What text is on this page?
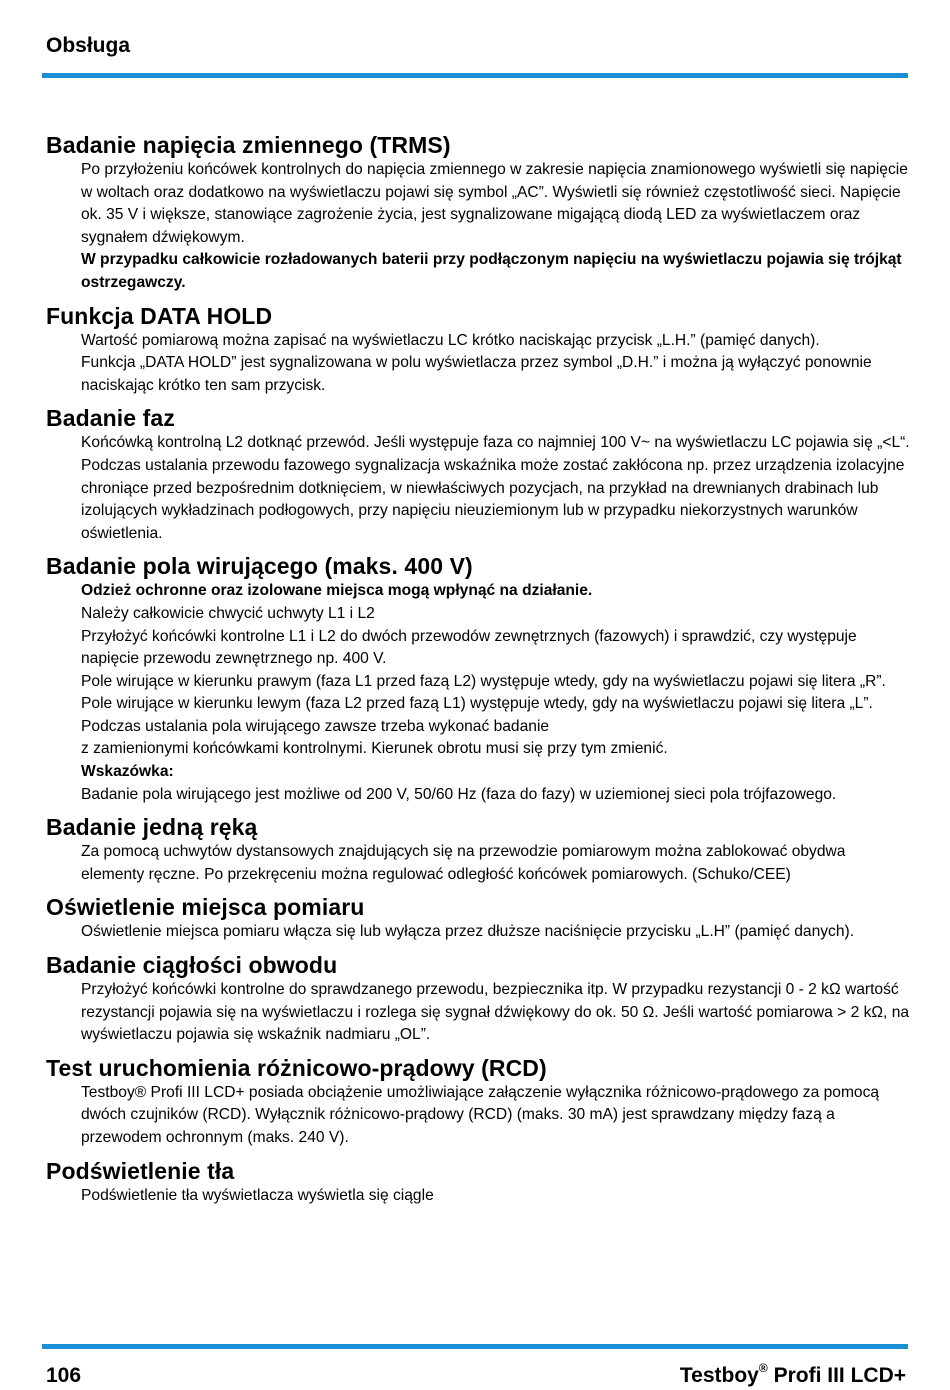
Obsługa
Badanie napięcia zmiennego (TRMS)
Po przyłożeniu końcówek kontrolnych do napięcia zmiennego w zakresie napięcia znamionowego wyświetli się napięcie w woltach oraz dodatkowo na wyświetlaczu pojawi się symbol „AC”. Wyświetli się również częstotliwość sieci. Napięcie ok. 35 V i większe, stanowiące zagrożenie życia, jest sygnalizowane migającą diodą LED za wyświetlaczem oraz sygnałem dźwiękowym.
W przypadku całkowicie rozładowanych baterii przy podłączonym napięciu na wyświetlaczu pojawia się trójkąt ostrzegawczy.
Funkcja DATA HOLD
Wartość pomiarową można zapisać na wyświetlaczu LC krótko naciskając przycisk „L.H.” (pamięć danych).
Funkcja „DATA HOLD” jest sygnalizowana w polu wyświetlacza przez symbol „D.H.” i można ją wyłączyć ponownie naciskając krótko ten sam przycisk.
Badanie faz
Końcówką kontrolną L2 dotknąć przewód. Jeśli występuje faza co najmniej 100 V~ na wyświetlaczu LC pojawia się „<L“.
Podczas ustalania przewodu fazowego sygnalizacja wskaźnika może zostać zakłócona np. przez urządzenia izolacyjne chroniące przed bezpośrednim dotknięciem, w niewłaściwych pozycjach, na przykład na drewnianych drabinach lub izolujących wykładzinach podłogowych, przy napięciu nieuziemionym lub w przypadku niekorzystnych warunków oświetlenia.
Badanie pola wirującego (maks. 400 V)
Odzież ochronne oraz izolowane miejsca mogą wpłynąć na działanie.
Należy całkowicie chwycić uchwyty L1 i L2
Przyłożyć końcówki kontrolne L1 i L2 do dwóch przewodów zewnętrznych (fazowych) i sprawdzić, czy występuje napięcie przewodu zewnętrznego np. 400 V.
Pole wirujące w kierunku prawym (faza L1 przed fazą L2) występuje wtedy, gdy na wyświetlaczu pojawi się litera „R”.
Pole wirujące w kierunku lewym (faza L2 przed fazą L1) występuje wtedy, gdy na wyświetlaczu pojawi się litera „L”.
Podczas ustalania pola wirującego zawsze trzeba wykonać badanie
z zamienionymi końcówkami kontrolnymi. Kierunek obrotu musi się przy tym zmienić.
Wskazówka:
Badanie pola wirującego jest możliwe od 200 V, 50/60 Hz (faza do fazy) w uziemionej sieci pola trójfazowego.
Badanie jedną ręką
Za pomocą uchwytów dystansowych znajdujących się na przewodzie pomiarowym można zablokować obydwa elementy ręczne. Po przekręceniu można regulować odległość końcówek pomiarowych. (Schuko/CEE)
Oświetlenie miejsca pomiaru
Oświetlenie miejsca pomiaru włącza się lub wyłącza przez dłuższe naciśnięcie przycisku „L.H” (pamięć danych).
Badanie ciągłości obwodu
Przyłożyć końcówki kontrolne do sprawdzanego przewodu, bezpiecznika itp. W przypadku rezystancji 0 - 2 kΩ wartość rezystancji pojawia się na wyświetlaczu i rozlega się sygnał dźwiękowy do ok. 50 Ω. Jeśli wartość pomiarowa > 2 kΩ, na wyświetlaczu pojawia się wskaźnik nadmiaru „OL”.
Test uruchomienia różnicowo-prądowy (RCD)
Testboy® Profi III LCD+ posiada obciążenie umożliwiające załączenie wyłącznika różnicowo-prądowego za pomocą dwóch czujników (RCD). Wyłącznik różnicowo-prądowy (RCD) (maks. 30 mA) jest sprawdzany między fazą a przewodem ochronnym (maks. 240 V).
Podświetlenie tła
Podświetlenie tła wyświetlacza wyświetla się ciągle
106	Testboy® Profi III LCD+
